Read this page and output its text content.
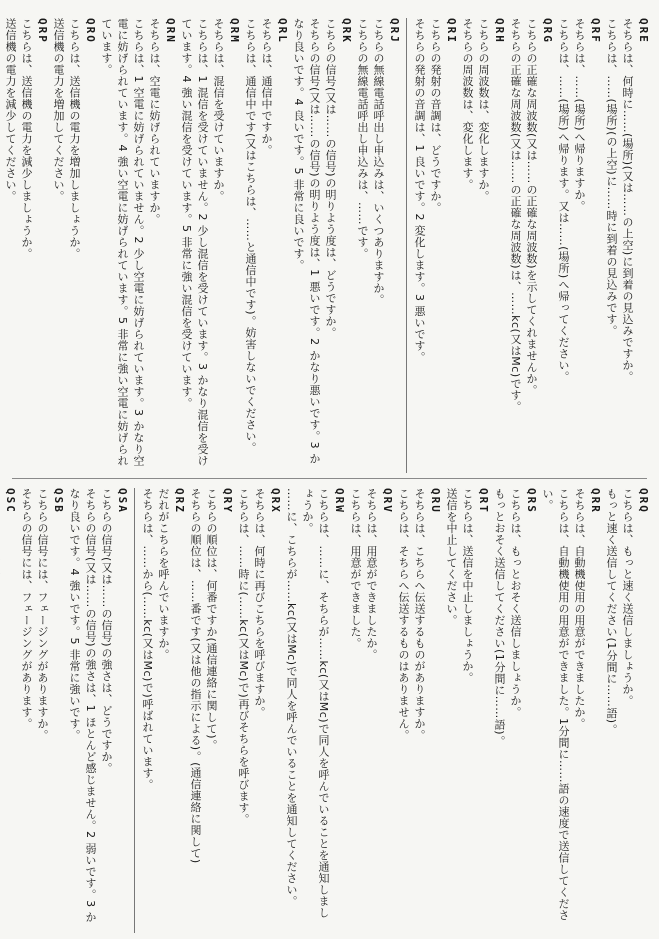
QRE
そちらは、何時に……(場所)(又は……の上空)に到着の見込みですか。
こちらは、……(場所)(の上空)に……時に到着の見込みです。
QRF
そちらは、……(場所)へ帰りますか。
こちらは、……(場所)へ帰ります。又は……(場所)へ帰ってください。
QRG
こちらの正確な周波数(又は……の正確な周波数)を示してくれませんか。
そちらの正確な周波数(又は……の正確な周波数)は、……kc(又はMc)です。
QRH
こちらの周波数は、変化しますか。
そちらの周波数は、変化します。
QRI
こちらの発射の音調は、どうですか。
そちらの発射の音調は、1 良いです。2 変化します。3 悪いです。
QRJ
こちらの無線電話呼出し申込みは、いくつありますか。
こちらの無線電話呼出し申込みは、……です。
QRK
こちらの信号(又は……の信号)の明りよう度は、どうですか。
そちらの信号(又は……の信号)の明りよう度は、1 悪いです。2 かなり悪いです。3 かなり良いです。4 良いです。5 非常に良いです。
QRL
そちらは、通信中ですか。
こちらは、通信中です(又はこちらは、……と通信中です)。妨害しないでください。
QRM
そちらは、混信を受けていますか。
こちらは、1 混信を受けていません。2 少し混信を受けています。3 かなり混信を受けています。4 強い混信を受けています。5 非常に強い混信を受けています。
QRN
そちらは、空電に妨げられていますか。
こちらは、1 空電に妨げられていません。2 少し空電に妨げられています。3 かなり空電に妨げられています。4 強い空電に妨げられています。5 非常に強い空電に妨げられています。
QRO
こちらは、送信機の電力を増加しましょうか。
送信機の電力を増加してください。
QRP
こちらは、送信機の電力を減少しましょうか。
送信機の電力を減少してください。
QRQ
こちらは、もっと速く送信しましょうか。
もっと速く送信してください(1分間に……語)。
QRR
そちらは、自動機使用の用意ができましたか。
こちらは、自動機使用の用意ができました。1分間に……語の速度で送信してください。
QRS
こちらは、もっとおそく送信しましょうか。
もっとおそく送信してください(1分間に……語)。
QRT
こちらは、送信を中止しましょうか。
送信を中止してください。
QRU
そちらは、こちらへ伝送するものがありますか。
こちらは、そちらへ伝送するものはありません。
QRV
そちらは、用意ができましたか。
こちらは、用意ができました。
QRW
こちらは、……に、そちらが……kc(又はMc)で同人を呼んでいることを通知しましょうか。
……に、こちらが……kc(又はMc)で同人を呼んでいることを通知してください。
QRX
そちらは、何時に再びこちらを呼びますか。
こちらは、……時に(……kc(又はMc)で)再びそちらを呼びます。
QRY
こちらの順位は、何番ですか(通信連絡に関して)。
そちらの順位は、……番です(又は他の指示による)。(通信連絡に関して)
QRZ
だれがこちらを呼んでいますか。
そちらは、……から(……kc(又はMc)で)呼ばれています。
QSA
こちらの信号(又は……の信号)の強さは、どうですか。
そちらの信号(又は……の信号)の強さは、1 ほとんど感じません。2 弱いです。3 かなり良いです。4 強いです。5 非常に強いです。
QSB
こちらの信号には、フェージングがありますか。
そちらの信号には、フェージングがあります。
QSC
